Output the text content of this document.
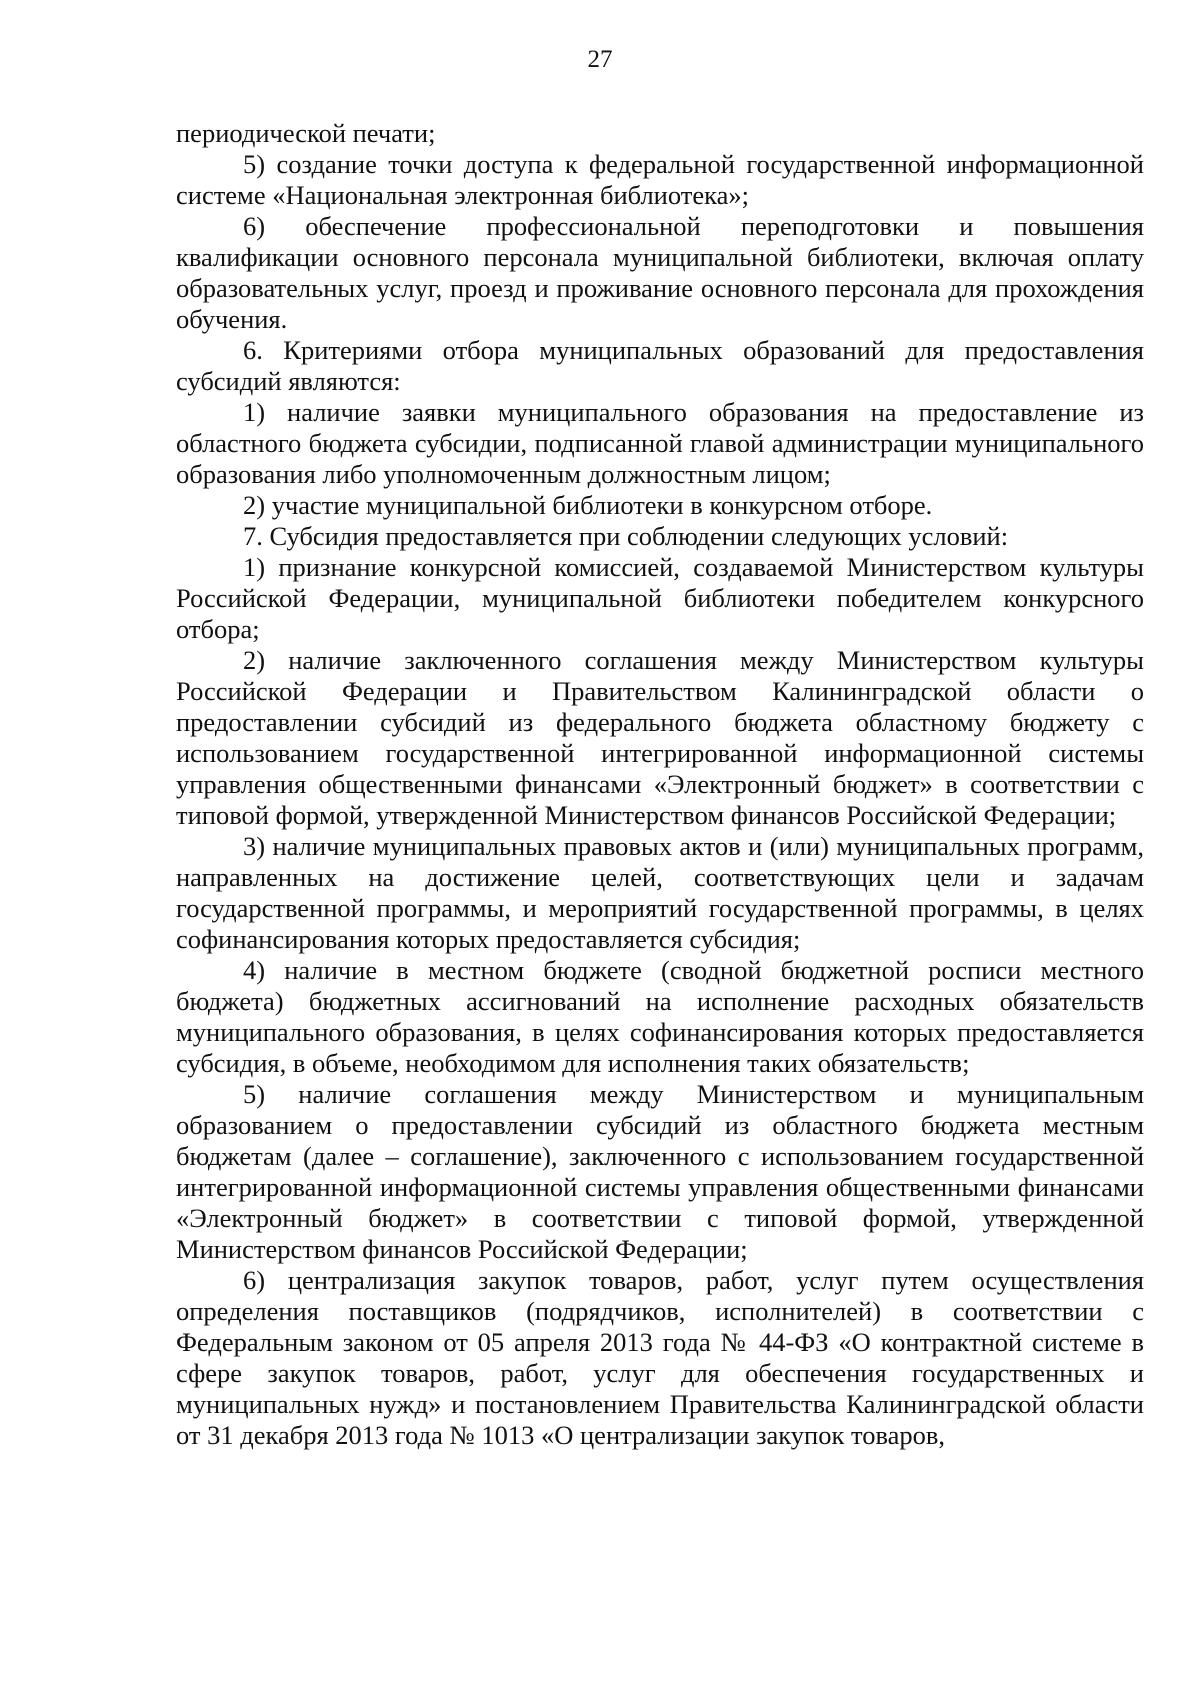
27

периодической печати;

5) создание точки доступа к федеральной государственной информационной системе «Национальная электронная библиотека»;

6) обеспечение профессиональной переподготовки и повышения квалификации основного персонала муниципальной библиотеки, включая оплату образовательных услуг, проезд и проживание основного персонала для прохождения обучения.

6. Критериями отбора муниципальных образований для предоставления субсидий являются:

1) наличие заявки муниципального образования на предоставление из областного бюджета субсидии, подписанной главой администрации муниципального образования либо уполномоченным должностным лицом;

2) участие муниципальной библиотеки в конкурсном отборе.

7. Субсидия предоставляется при соблюдении следующих условий:

1) признание конкурсной комиссией, создаваемой Министерством культуры Российской Федерации, муниципальной библиотеки победителем конкурсного отбора;

2) наличие заключенного соглашения между Министерством культуры Российской Федерации и Правительством Калининградской области о предоставлении субсидий из федерального бюджета областному бюджету с использованием государственной интегрированной информационной системы управления общественными финансами «Электронный бюджет» в соответствии с типовой формой, утвержденной Министерством финансов Российской Федерации;

3) наличие муниципальных правовых актов и (или) муниципальных программ, направленных на достижение целей, соответствующих цели и задачам государственной программы, и мероприятий государственной программы, в целях софинансирования которых предоставляется субсидия;

4) наличие в местном бюджете (сводной бюджетной росписи местного бюджета) бюджетных ассигнований на исполнение расходных обязательств муниципального образования, в целях софинансирования которых предоставляется субсидия, в объеме, необходимом для исполнения таких обязательств;

5) наличие соглашения между Министерством и муниципальным образованием о предоставлении субсидий из областного бюджета местным бюджетам (далее – соглашение), заключенного с использованием государственной интегрированной информационной системы управления общественными финансами «Электронный бюджет» в соответствии с типовой формой, утвержденной Министерством финансов Российской Федерации;

6) централизация закупок товаров, работ, услуг путем осуществления определения поставщиков (подрядчиков, исполнителей) в соответствии с Федеральным законом от 05 апреля 2013 года № 44-ФЗ «О контрактной системе в сфере закупок товаров, работ, услуг для обеспечения государственных и муниципальных нужд» и постановлением Правительства Калининградской области от 31 декабря 2013 года № 1013 «О централизации закупок товаров,
